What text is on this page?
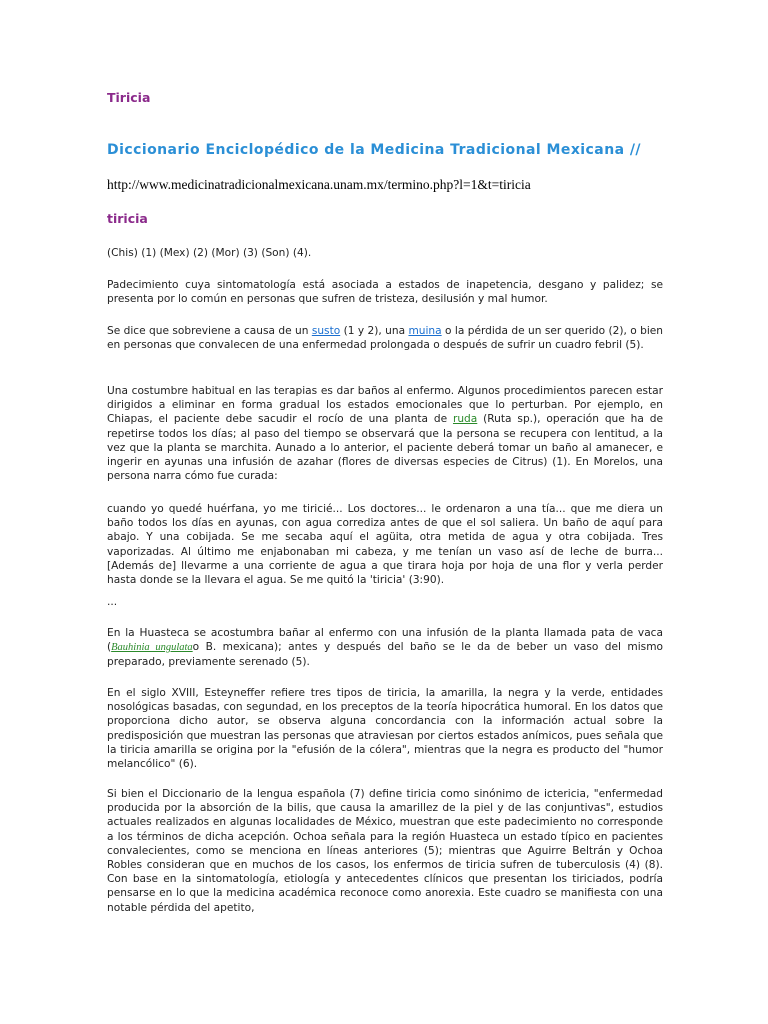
Tiricia
Diccionario Enciclopédico de la Medicina Tradicional Mexicana //
http://www.medicinatradicionalmexicana.unam.mx/termino.php?l=1&t=tiricia
tiricia

(Chis) (1) (Mex) (2) (Mor) (3) (Son) (4).

Padecimiento cuya sintomatología está asociada a estados de inapetencia, desgano y palidez; se presenta por lo común en personas que sufren de tristeza, desilusión y mal humor.

Se dice que sobreviene a causa de un susto (1 y 2), una muina o la pérdida de un ser querido (2), o bien en personas que convalecen de una enfermedad prolongada o después de sufrir un cuadro febril (5).

Una costumbre habitual en las terapias es dar baños al enfermo. Algunos procedimientos parecen estar dirigidos a eliminar en forma gradual los estados emocionales que lo perturban. Por ejemplo, en Chiapas, el paciente debe sacudir el rocío de una planta de ruda (Ruta sp.), operación que ha de repetirse todos los días; al paso del tiempo se observará que la persona se recupera con lentitud, a la vez que la planta se marchita. Aunado a lo anterior, el paciente deberá tomar un baño al amanecer, e ingerir en ayunas una infusión de azahar (flores de diversas especies de Citrus) (1). En Morelos, una persona narra cómo fue curada:

cuando yo quedé huérfana, yo me tiricié... Los doctores... le ordenaron a una tía... que me diera un baño todos los días en ayunas, con agua corrediza antes de que el sol saliera. Un baño de aquí para abajo. Y una cobijada. Se me secaba aquí el agüita, otra metida de agua y otra cobijada. Tres vaporizadas. Al último me enjabonaban mi cabeza, y me tenían un vaso así de leche de burra... [Además de] llevarme a una corriente de agua a que tirara hoja por hoja de una flor y verla perder hasta donde se la llevara el agua. Se me quitó la 'tiricia' (3:90).

...

En la Huasteca se acostumbra bañar al enfermo con una infusión de la planta llamada pata de vaca (Bauhinia ungulatao B. mexicana); antes y después del baño se le da de beber un vaso del mismo preparado, previamente serenado (5).

En el siglo XVIII, Esteyneffer refiere tres tipos de tiricia, la amarilla, la negra y la verde, entidades nosológicas basadas, con segundad, en los preceptos de la teoría hipocrática humoral. En los datos que proporciona dicho autor, se observa alguna concordancia con la información actual sobre la predisposición que muestran las personas que atraviesan por ciertos estados anímicos, pues señala que la tiricia amarilla se origina por la "efusión de la cólera", mientras que la negra es producto del "humor melancólico" (6).

Si bien el Diccionario de la lengua española (7) define tiricia como sinónimo de ictericia, "enfermedad producida por la absorción de la bilis, que causa la amarillez de la piel y de las conjuntivas", estudios actuales realizados en algunas localidades de México, muestran que este padecimiento no corresponde a los términos de dicha acepción. Ochoa señala para la región Huasteca un estado típico en pacientes convalecientes, como se menciona en líneas anteriores (5); mientras que Aguirre Beltrán y Ochoa Robles consideran que en muchos de los casos, los enfermos de tiricia sufren de tuberculosis (4) (8). Con base en la sintomatología, etiología y antecedentes clínicos que presentan los tiriciados, podría pensarse en lo que la medicina académica reconoce como anorexia. Este cuadro se manifiesta con una notable pérdida del apetito,
